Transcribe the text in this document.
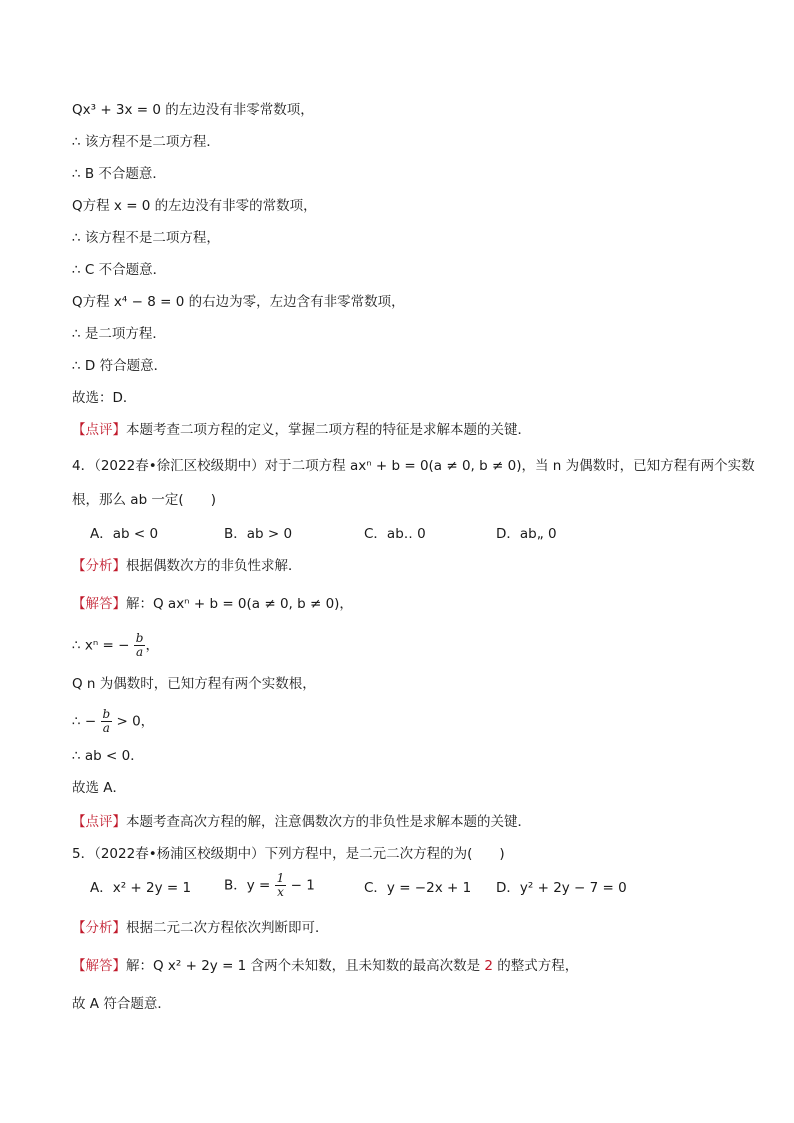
Qx³ + 3x = 0 的左边没有非零常数项，
∴ 该方程不是二项方程．
∴ B 不合题意．
Q方程 x = 0 的左边没有非零的常数项，
∴ 该方程不是二项方程，
∴ C 不合题意．
Q方程 x⁴ − 8 = 0 的右边为零，左边含有非零常数项，
∴ 是二项方程．
∴ D 符合题意．
故选：D．
【点评】本题考查二项方程的定义，掌握二项方程的特征是求解本题的关键．
4．（2022春•徐汇区校级期中）对于二项方程 axⁿ + b = 0(a ≠ 0, b ≠ 0)，当 n 为偶数时，已知方程有两个实数
根，那么 ab 一定(　　)
A．ab < 0	B．ab > 0	C．ab‥ 0	D．ab„ 0
【分析】根据偶数次方的非负性求解．
【解答】解：Q axⁿ + b = 0(a ≠ 0, b ≠ 0)，
∴ xⁿ = − $\frac{b}{a}$ ，
Q n 为偶数时，已知方程有两个实数根，
∴ − $\frac{b}{a} > 0$，
∴ ab < 0．
故选 A．
【点评】本题考查高次方程的解，注意偶数次方的非负性是求解本题的关键．
5．（2022春•杨浦区校级期中）下列方程中，是二元二次方程的为(　　)
A．x² + 2y = 1 B．$y = \frac{1}{x} - 1$	C．y = −2x + 1 D．y² + 2y − 7 = 0
【分析】根据二元二次方程依次判断即可．
【解答】解：Q x² + 2y = 1 含两个未知数，且未知数的最高次数是 2 的整式方程，
故 A 符合题意．
